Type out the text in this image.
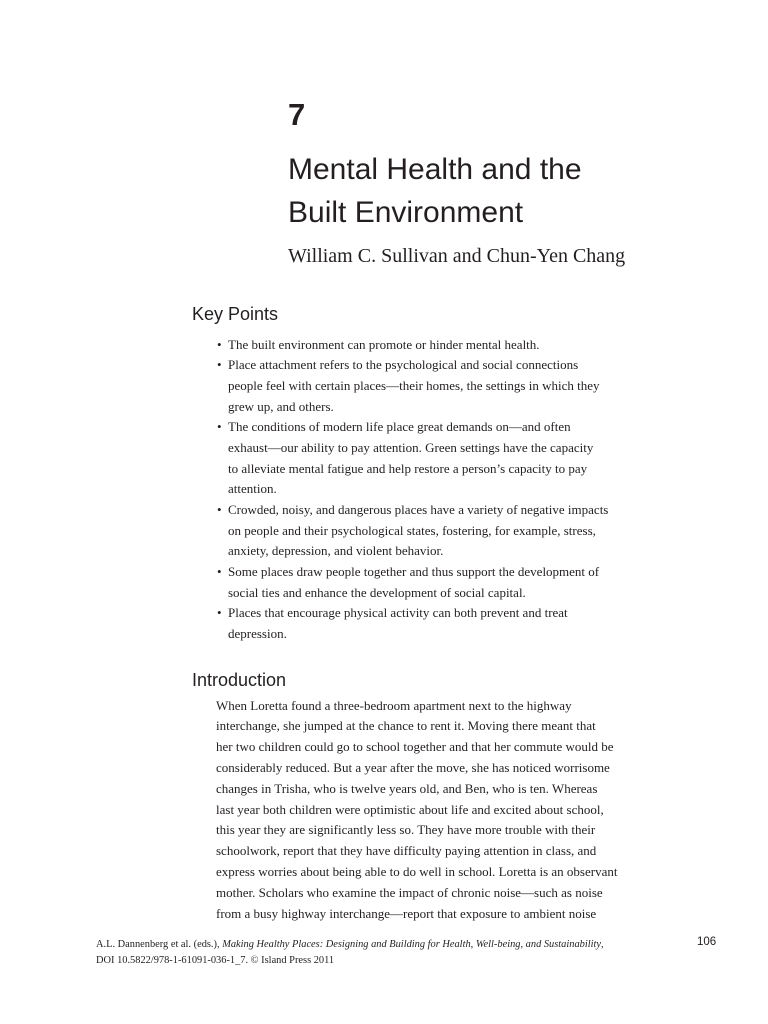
7
Mental Health and the
Built Environment
William C. Sullivan and Chun-Yen Chang
Key Points
• The built environment can promote or hinder mental health.
• Place attachment refers to the psychological and social connections
people feel with certain places—their homes, the settings in which they
grew up, and others.
• The conditions of modern life place great demands on—and often
exhaust—our ability to pay attention. Green settings have the capacity
to alleviate mental fatigue and help restore a person’s capacity to pay
attention.
• Crowded, noisy, and dangerous places have a variety of negative impacts
on people and their psychological states, fostering, for example, stress,
anxiety, depression, and violent behavior.
• Some places draw people together and thus support the development of
social ties and enhance the development of social capital.
• Places that encourage physical activity can both prevent and treat
depression.
Introduction
When Loretta found a three-bedroom apartment next to the highway
interchange, she jumped at the chance to rent it. Moving there meant that
her two children could go to school together and that her commute would be
considerably reduced. But a year after the move, she has noticed worrisome
changes in Trisha, who is twelve years old, and Ben, who is ten. Whereas
last year both children were optimistic about life and excited about school,
this year they are significantly less so. They have more trouble with their
schoolwork, report that they have difficulty paying attention in class, and
express worries about being able to do well in school. Loretta is an observant
mother. Scholars who examine the impact of chronic noise—such as noise
from a busy highway interchange—report that exposure to ambient noise
A.L. Dannenberg et al. (eds.), Making Healthy Places: Designing and Building for Health, Well-being, and Sustainability,
DOI 10.5822/978-1-61091-036-1_7. © Island Press 2011
106
